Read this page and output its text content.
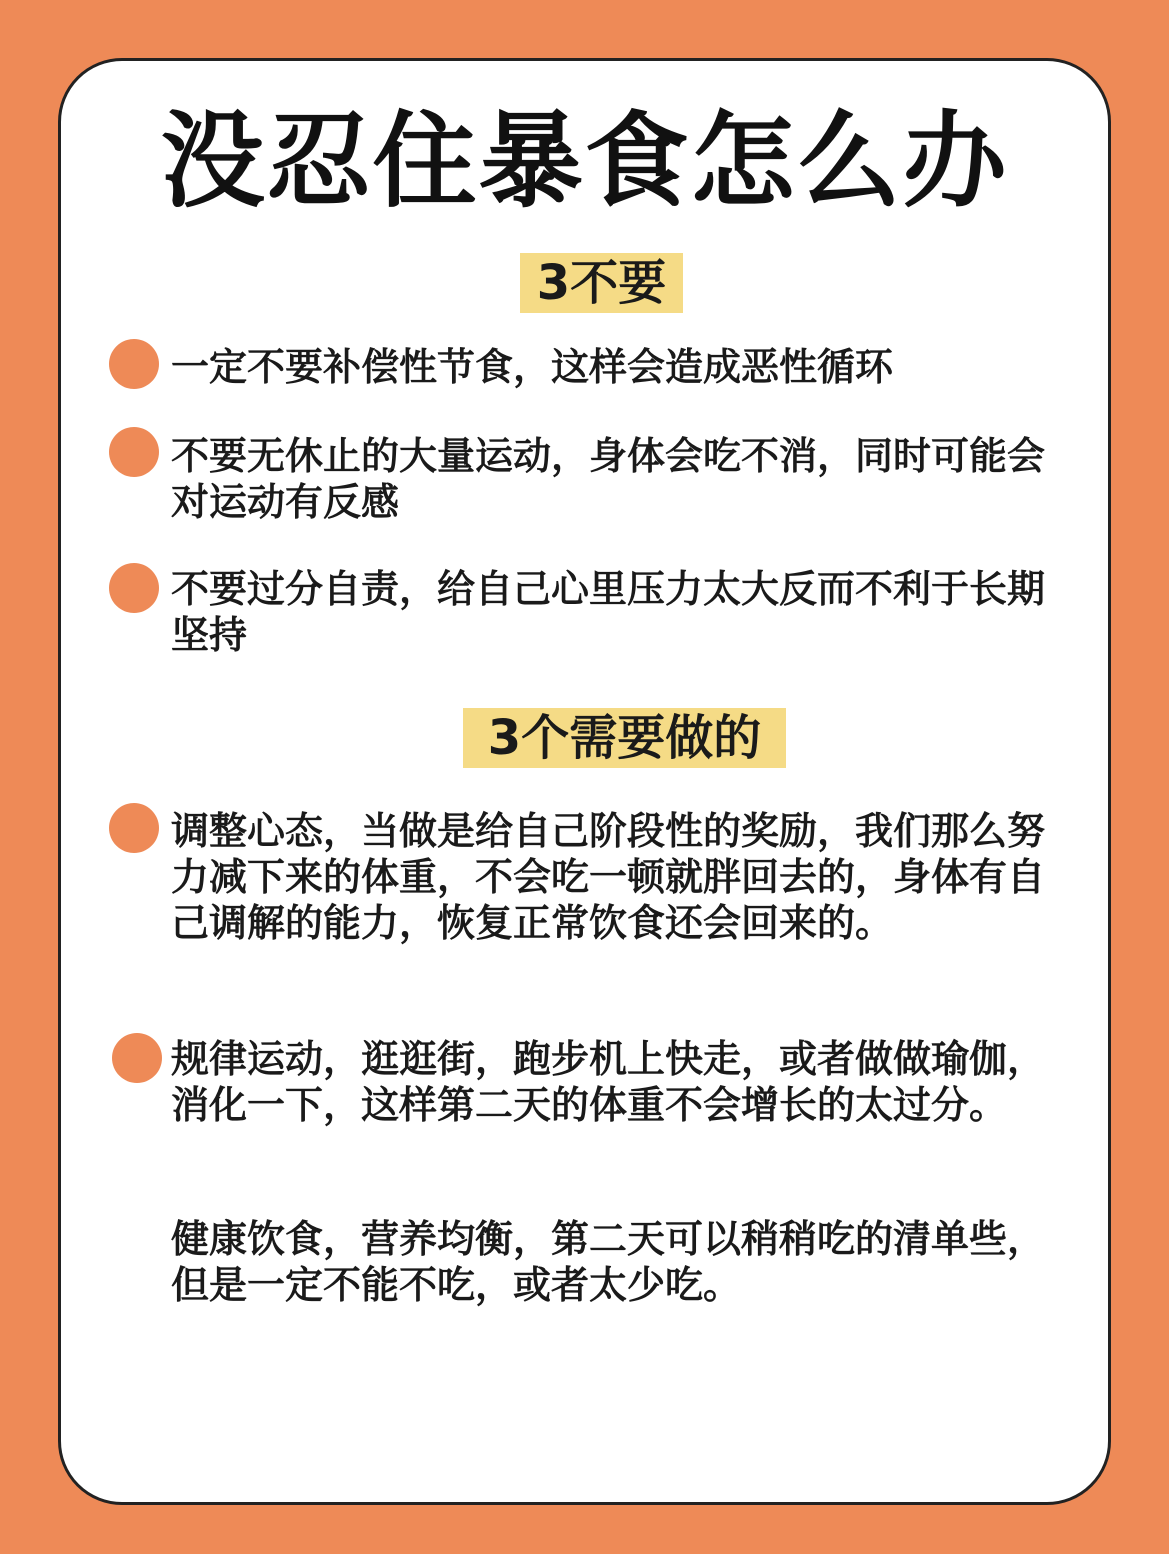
没忍住暴食怎么办
3不要
一定不要补偿性节食，这样会造成恶性循环
不要无休止的大量运动，身体会吃不消，同时可能会对运动有反感
不要过分自责，给自己心里压力太大反而不利于长期坚持
3个需要做的
调整心态，当做是给自己阶段性的奖励，我们那么努力减下来的体重，不会吃一顿就胖回去的，身体有自己调解的能力，恢复正常饮食还会回来的。
规律运动，逛逛街，跑步机上快走，或者做做瑜伽，消化一下，这样第二天的体重不会增长的太过分。
健康饮食，营养均衡，第二天可以稍稍吃的清单些，但是一定不能不吃，或者太少吃。
